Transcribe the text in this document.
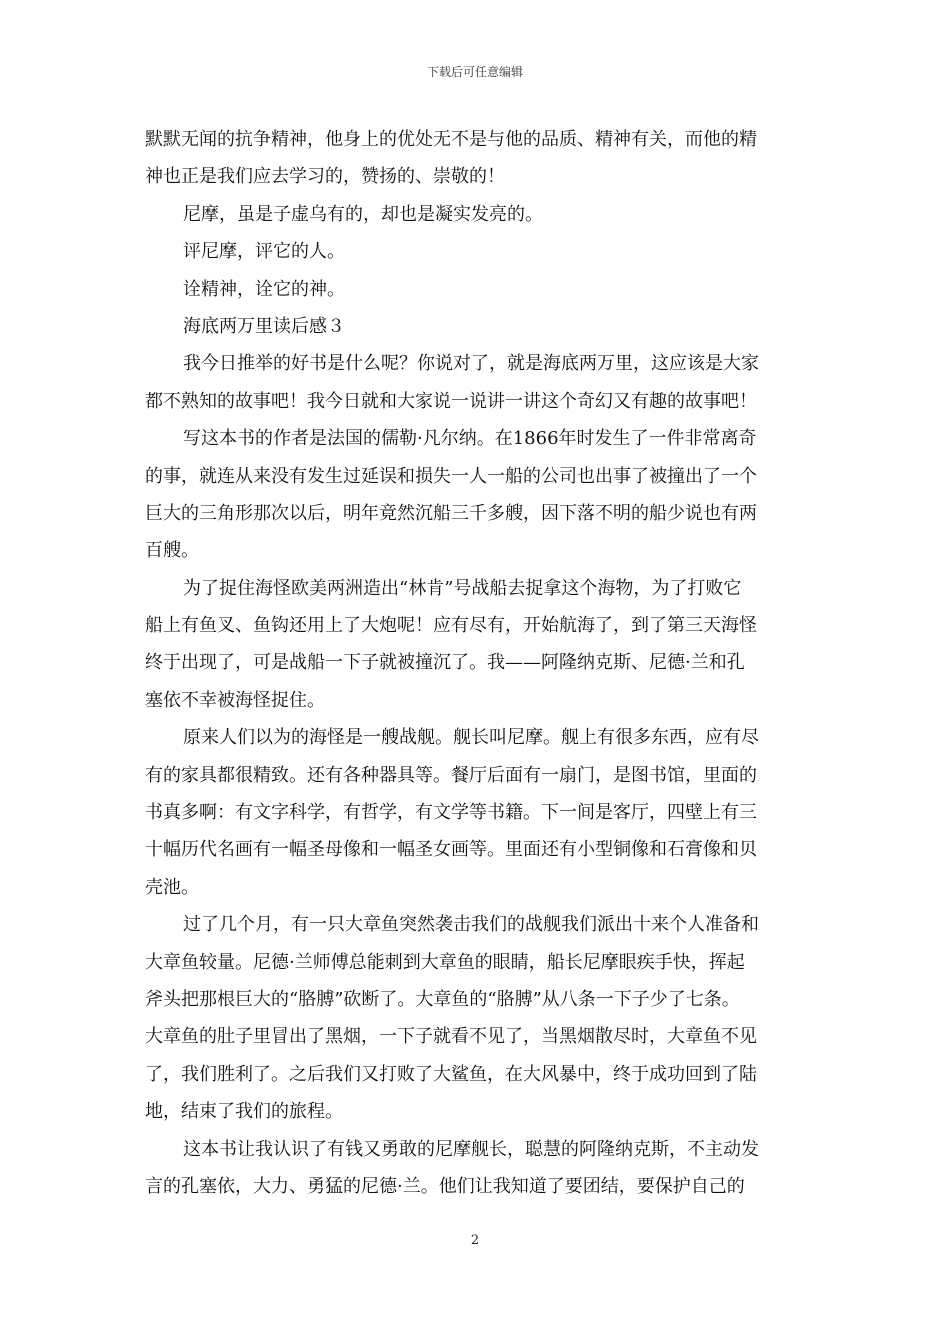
下载后可任意编辑
默默无闻的抗争精神，他身上的优处无不是与他的品质、精神有关，而他的精
神也正是我们应去学习的，赞扬的、崇敬的！
尼摩，虽是子虚乌有的，却也是凝实发亮的。
评尼摩，评它的人。
诠精神，诠它的神。
海底两万里读后感３
我今日推举的好书是什么呢？你说对了，就是海底两万里，这应该是大家
都不熟知的故事吧！我今日就和大家说一说讲一讲这个奇幻又有趣的故事吧！
写这本书的作者是法国的儒勒·凡尔纳。在1866年时发生了一件非常离奇
的事，就连从来没有发生过延误和损失一人一船的公司也出事了被撞出了一个
巨大的三角形那次以后，明年竟然沉船三千多艘，因下落不明的船少说也有两
百艘。
为了捉住海怪欧美两洲造出“林肯”号战船去捉拿这个海物，为了打败它
船上有鱼叉、鱼钩还用上了大炮呢！应有尽有，开始航海了，到了第三天海怪
终于出现了，可是战船一下子就被撞沉了。我——阿隆纳克斯、尼德·兰和孔
塞依不幸被海怪捉住。
原来人们以为的海怪是一艘战舰。舰长叫尼摩。舰上有很多东西，应有尽
有的家具都很精致。还有各种器具等。餐厅后面有一扇门，是图书馆，里面的
书真多啊：有文字科学，有哲学，有文学等书籍。下一间是客厅，四壁上有三
十幅历代名画有一幅圣母像和一幅圣女画等。里面还有小型铜像和石膏像和贝
壳池。
过了几个月，有一只大章鱼突然袭击我们的战舰我们派出十来个人准备和
大章鱼较量。尼德·兰师傅总能刺到大章鱼的眼睛，船长尼摩眼疾手快，挥起
斧头把那根巨大的“胳膊”砍断了。大章鱼的“胳膊”从八条一下子少了七条。
大章鱼的肚子里冒出了黑烟，一下子就看不见了，当黑烟散尽时，大章鱼不见
了，我们胜利了。之后我们又打败了大鲨鱼，在大风暴中，终于成功回到了陆
地，结束了我们的旅程。
这本书让我认识了有钱又勇敢的尼摩舰长，聪慧的阿隆纳克斯，不主动发
言的孔塞依，大力、勇猛的尼德·兰。他们让我知道了要团结，要保护自己的
2
